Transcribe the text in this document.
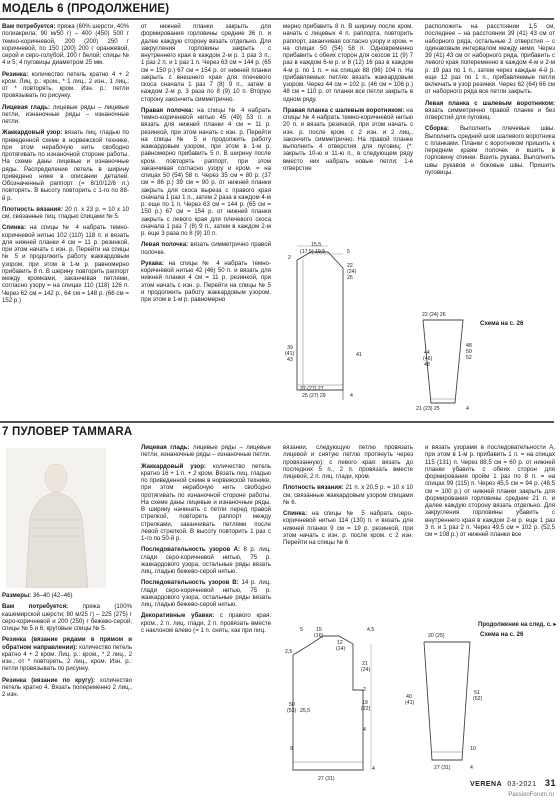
МОДЕЛЬ 6 (ПРОДОЛЖЕНИЕ)

Вам потребуется: пряжа (60% шерсти, 40% полиакрила; 90 м/50 г) – 400 (450) 500 г темно-коричневой, 200 (200) 250 г коричневой, по 150 (200) 200 г оранжевой, серой и серо-голубой, 100 г белой; спицы № 4 и 5; 4 пуговицы диаметром 25 мм.

Резинка: количество петель кратно 4 + 2 кром. Лиц. р.: кром., * 1 лиц., 2 изн., 1 лиц.; от * повторять, кром. Изн. р.: петли провязывать по рисунку.

Лицевая гладь: лицевые ряды – лицевые петли, изнаночные ряды – изнаночные петли.

Жаккардовый узор: вязать лиц. гладью по приведенной схеме в норвежской технике, при этом нерабочую нить свободно протягивать по изнаночной стороне работы. На схеме даны лицевые и изнаночные ряды. Распределение петель в ширину приведено ниже в описании деталей. Обозначенный раппорт (= 8/10/12/6 п.) повторять. В высоту повторить с 1-го по 88-й р.

Плотность вязания: 20 п. x 23 р. = 10 x 10 см, связанные лиц. гладью спицами № 5.

Спинка: на спицы № 4 набрать темно-коричневой нитью 102 (110) 118 п. и вязать для нижней планки 4 см = 11 р. резинкой, при этом начать с изн. р. Перейти на спицы № 5 и продолжить работу жаккардовым узором, при этом в 1-м р. равномерно прибавить 8 п. В шерину повторить раппорт между кромками, заканчивая петлями, согласно узору = на спицах 110 (118) 126 п. Через 62 см = 142 р., 64 см = 148 р. (66 см = 152 р.)

от нижней планки закрыть для формирования горловины средние 36 п. и далее каждую сторону вязать отдельно. Для закругления горловины закрыть с внутреннего края в каждом 2-м р. 1 раз 3 п., 1 раз 2 п. и 1 раз 1 п. Через 63 см = 144 р. (65 см = 150 р.) 67 см = 154 р. от нижней планки закрыть с внешнего края для плечевого скоса сначала 1 раз 7 (8) 9 п., затем в каждом 2-м р. 3 раза по 8 (9) 10 п. Вторую сторону закончить симметрично.

Правая полочка: на спицы № 4 набрать темно-коричневой нитью 45 (49) 53 п. и вязать для нижней планки 4 см = 11 р. резинкой, при этом начать с изн. р. Перейти на спицы № 5 и продолжить работу жаккардовым узором, при этом в 1-м р. равномерно прибавить 5 п. В ширину после кром. повторять раппорт, при этом заканчивая согласно узору и кром. = на спицах 50 (54) 58 п. Через 35 см = 80 р. (37 см = 86 р.) 39 см = 90 р. от нижней планки закрыть для скоса выреза с правого края сначала 1 раз 1 п., затем 2 раза в каждом 4-м р. еще по 1 п. Через 63 см = 144 р. (65 см = 150 р.) 67 см = 154 р. от нижней планки закрыть с левого края для плечевого скоса сначала 1 раз 7 (8) 9 п., затем в каждом 2-м р. еще 3 раза по 8 (9) 10 п.

Левая полочка: вязать симметрично правой полочке.

Рукава: на спицы № 4 набрать темно-коричневой нитью 42 (46) 50 п. и вязать для нижней планки 4 см = 11 р. резинкой, при этом начать с изн. р. Перейти на спицы № 5 и продолжить работу жаккардовым узором, при этом в 1-м р. равномерно

мерно прибавить 8 п. В ширину после кром. начать с лицевых 4 п. раппорта, повторить раппорт, заканчивая согласно узору и кром. = на спицах 50 (54) 58 п. Одновременно прибавить с обеих сторон для скосов 11 (9) 7 раз в каждом 6-м р. и 8 (12) 16 раз в каждом 4-м р. по 1 п. = на спицах 88 (96) 104 п. На прибавляемых петлях вязать жаккардовым узором. Через 44 см = 102 р. (46 см = 106 р.) 48 см = 110 р. от планки все петли закрыть в одном ряду.

Правая планка с шалевым воротником: на спицы № 4 набрать темно-коричневой нитью 20 п. и вязать резинкой, при этом начать с изн. р. после кром. с 2 изн. и 2 лиц., закончить симметрично. На правой планке выполнить 4 отверстия для пуговиц: (*: закрыть 10-ю и 11-ю п., в следующем ряду вместо них набрать новые петли; 1-е отверстие

расположить на расстоянии 1,5 см, последнее – на расстоянии 39 (41) 43 см от наборного ряда, остальные 2 отверстия – с одинаковым интервалом между ними. Через 39 (41) 43 см от наборного ряда, прибавить с левого края попеременно в каждом 4-м и 2-м р. 19 раз по 1 п., затем через каждые 4-й р. еще 12 раз по 1 п., прибавляемые петли включать в узор резинки. Через 62 (64) 66 см от наборного ряда все петли закрыть.

Левая планка с шалевым воротником: вязать симметрично правой планке и без отверстий для пуговиц.

Сборка: Выполнить плечевые швы. Выполнить средний шов шалевого воротника с планками. Планки с воротником пришить к передним краям полочек и вшить в горловину спинки. Вшить рукава. Выполнить швы рукавов и боковые швы. Пришить пуговицы.

15,5
(17,5) 19,5	5
22
(24)
26
2
39
(41)
43
41
27 (27) 27
25 (27) 29	4
Схема на с. 26
22 (24) 26
44
(46)
48
48
50
52
21 (23) 25	4
7 ПУЛОВЕР TAMMARA

Размеры: 36–40 (42–46)

Вам потребуется: пряжа (100% кашемирской шерсти; 80 м/25 г) – 225 (275) г серо-коричневой и 200 (250) г бежево-серой; спицы № 5 и 6; круговые спицы № 5.

Резинка (вязание рядами в прямом и обратном направлении): количество петель кратно 4 + 2 кром. Лиц. р.: кром., * 2 лиц., 2 изн.; от * повторять, 2 лиц., кром. Изн. р.: петли провязывать по рисунку.

Резинка (вязание по кругу): количество петель кратно 4. Вязать попеременно 2 лиц., 2 изн.

Лицевая гладь: лицевые ряды – лицевые петли, изнаночные ряды – изнаночные петли.

Жаккардовый узор: количество петель кратно 16 + 1 п. + 2 кром. Вязать лиц. гладью по приведенной схеме в норвежской технике, при этом нерабочую нить свободно протягивать по изнаночной стороне работы. На схеме даны лицевые и изнаночные ряды. В ширину начинать с петли перед правой стрелкой, повторять раппорт между стрелками, заканчивать петлями после левой стрелкой. В высоту повторить 1 раз с 1-го по 50-й р.

Последовательность узоров А: 8 р. лиц. глади серо-коричневой нитью, 75 р. жаккардового узора, остальные ряды вязать лиц. гладью бежево-серой нитью.

Последовательность узоров В: 14 р. лиц. глади серо-коричневой нитью, 75 р. жаккардового узора, остальные ряды вязать лиц. гладью бежево-серой нитью.

Декоративные убавки: с правого края: кром., 2 п. лиц. глади, 2 п. провязать вместе с наклоном влево (= 1 п. снять, как при лиц.

вязании, следующую петлю провязать лицевой и снятую петлю протянуть через провязанную); с левого края: вязать до последних 5 п., 2 п. провязать вместе лицевой, 2 п. лиц. глади, кром.

Плотность вязания: 21 п. x 20,5 р. = 10 x 10 см, связанные жаккардовым узором спицами № 6.

Спинка: на спицы № 5 набрать серо-коричневой нитью 114 (130) п. и вязать для нижней планки 9 см = 19 р. резинкой, при этом начать с изн. р. после кром. с 2 изн. Перейти на спицы № 6

и вязать узорами в последовательности А, при этом в 1-м р. прибавить 1 п. = на спицах 115 (131) п. Через 88,5 см = 60 р. от нижней планки убавить с обеих сторон для формирования пройм 1 раз по 8 п. = на спицах 99 (115) п. Через 45,5 см = 94 р. (48,5 см = 100 р.) от нижней планки закрыть для формирования горловины средние 21 п. и далее каждую сторону вязать отдельно. Для закругления горловины убавить с внутреннего края в каждом 2-м р. еще 1 раз 3 п. и 1 раз 2 п. Через 49,5 см = 102 р. (52,5 см = 108 р.) от нижней планки все

Продолжение на след. с. ▸
2,5
5	15
(16)
12
(14)
4,5
21
(24)
2
19
(22)
4
50
(53) 25,5
9
27 (31)
4
Схема на с. 26
20 (25)
51
(52)
40
(41)
10
27 (31)	4
VERENA 03-2021 31
PassionForum.ru
